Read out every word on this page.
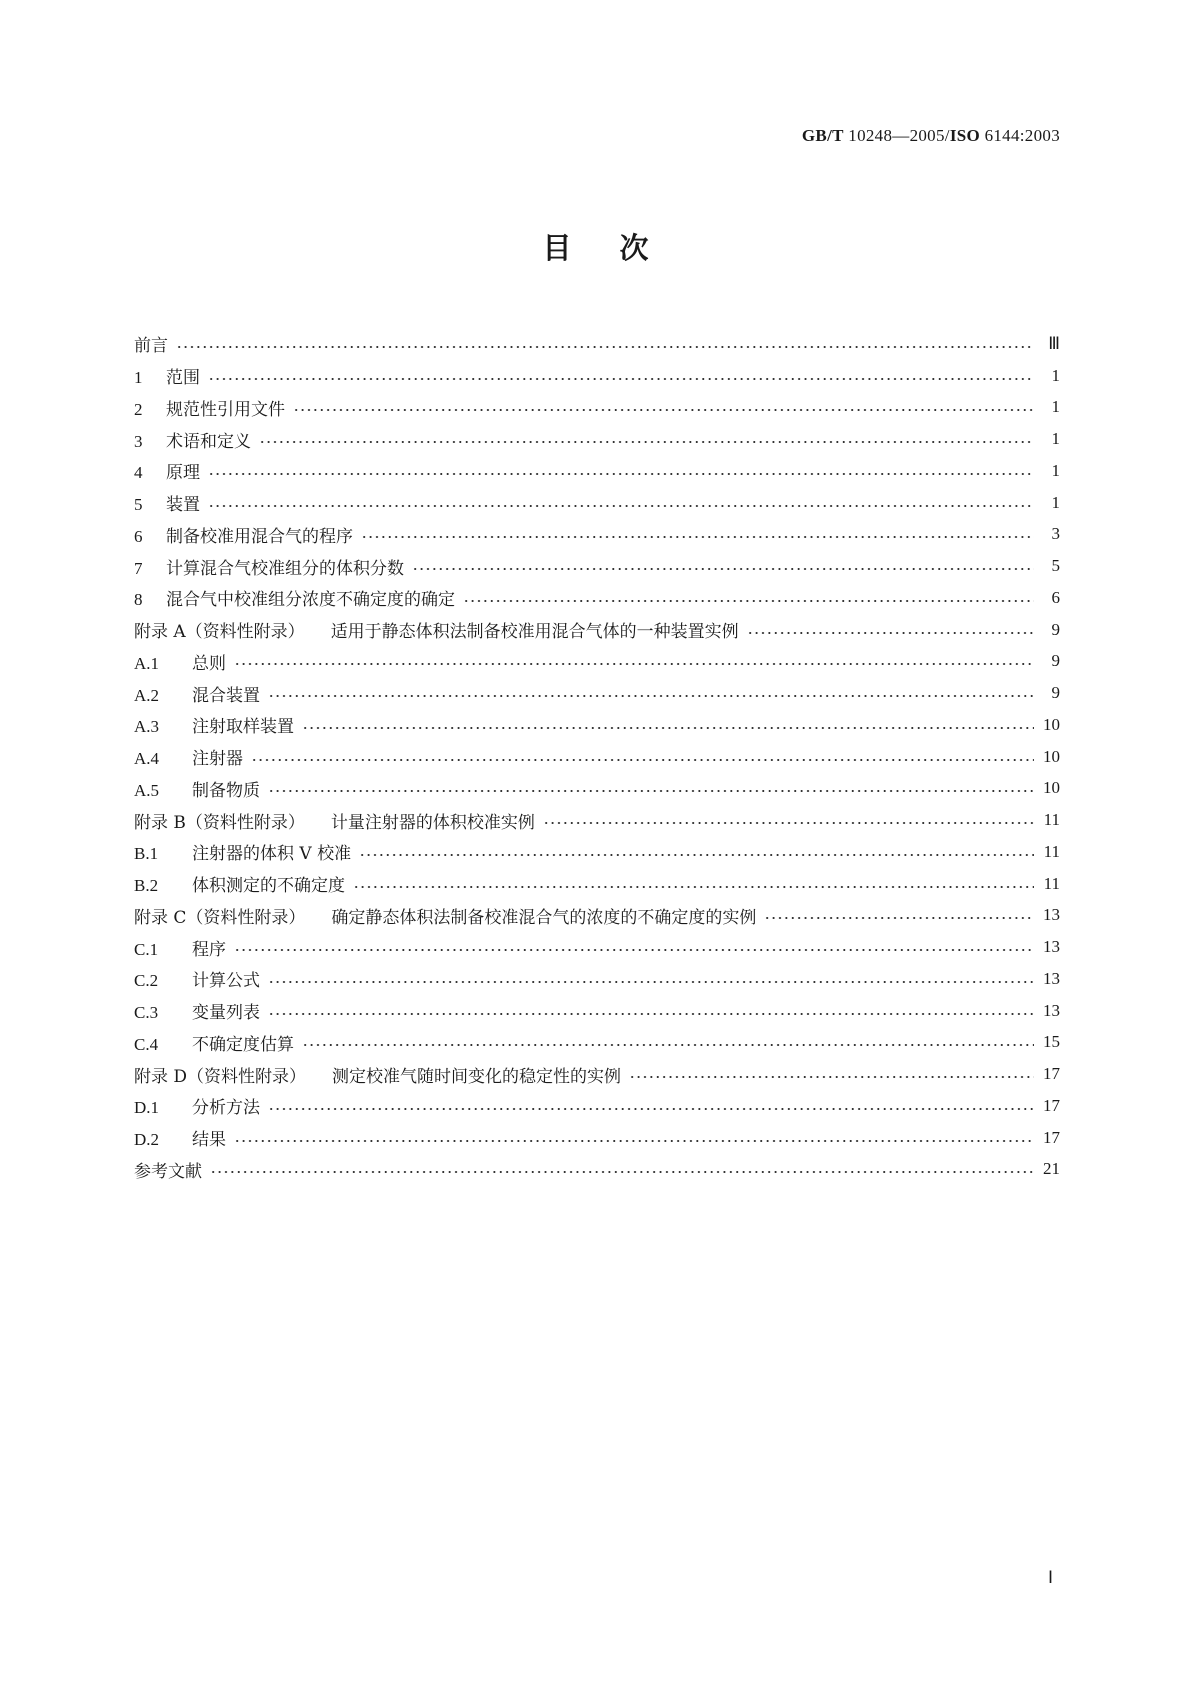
GB/T 10248—2005/ISO 6144:2003
目次
前言	Ⅲ
1 范围	1
2 规范性引用文件	1
3 术语和定义	1
4 原理	1
5 装置	1
6 制备校准用混合气的程序	3
7 计算混合气校准组分的体积分数	5
8 混合气中校准组分浓度不确定度的确定	6
附录 A（资料性附录） 适用于静态体积法制备校准用混合气体的一种装置实例	9
A.1 总则	9
A.2 混合装置	9
A.3 注射取样装置	10
A.4 注射器	10
A.5 制备物质	10
附录 B（资料性附录） 计量注射器的体积校准实例	11
B.1 注射器的体积 V 校准	11
B.2 体积测定的不确定度	11
附录 C（资料性附录） 确定静态体积法制备校准混合气的浓度的不确定度的实例	13
C.1 程序	13
C.2 计算公式	13
C.3 变量列表	13
C.4 不确定度估算	15
附录 D（资料性附录） 测定校准气随时间变化的稳定性的实例	17
D.1 分析方法	17
D.2 结果	17
参考文献	21
Ⅰ
